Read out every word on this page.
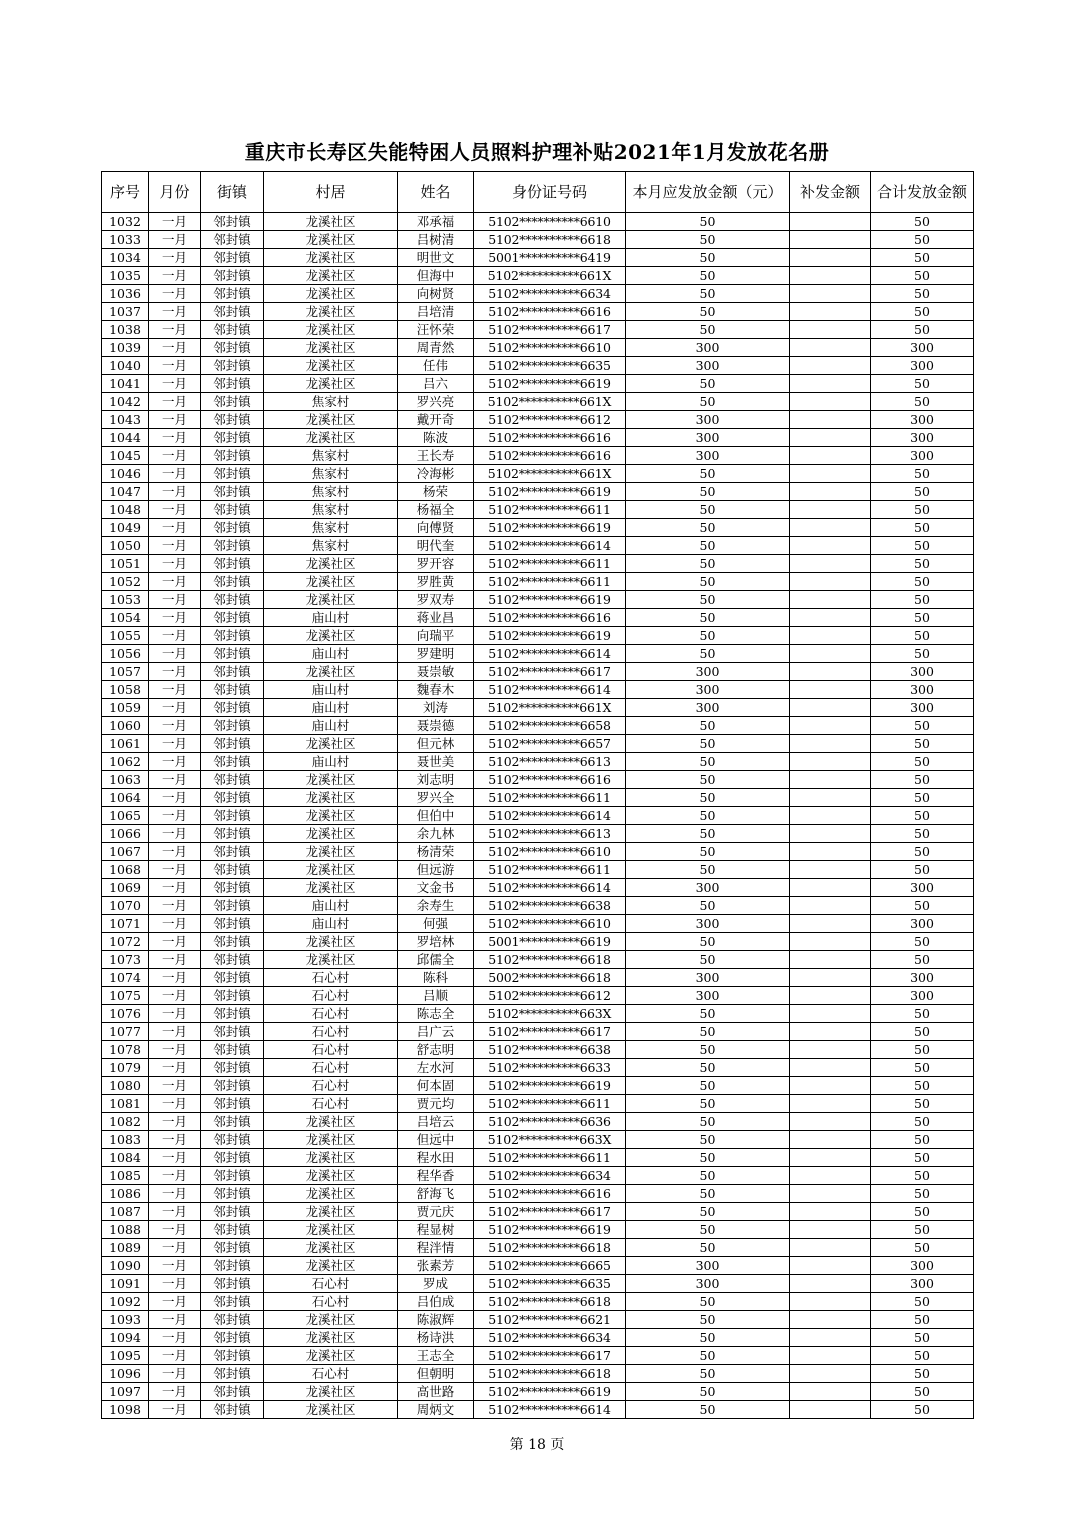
重庆市长寿区失能特困人员照料护理补贴2021年1月发放花名册
序号	月份	街镇	村居	姓名	身份证号码	本月应发放金额（元）	补发金额	合计发放金额
1032	一月	邻封镇	龙溪社区	邓承福	5102**********6610	50		50
1033	一月	邻封镇	龙溪社区	吕树清	5102**********6618	50		50
1034	一月	邻封镇	龙溪社区	明世文	5001**********6419	50		50
1035	一月	邻封镇	龙溪社区	但海中	5102**********661X	50		50
1036	一月	邻封镇	龙溪社区	向树贤	5102**********6634	50		50
1037	一月	邻封镇	龙溪社区	吕培清	5102**********6616	50		50
1038	一月	邻封镇	龙溪社区	汪怀荣	5102**********6617	50		50
1039	一月	邻封镇	龙溪社区	周青然	5102**********6610	300		300
1040	一月	邻封镇	龙溪社区	任伟	5102**********6635	300		300
1041	一月	邻封镇	龙溪社区	吕六	5102**********6619	50		50
1042	一月	邻封镇	焦家村	罗兴亮	5102**********661X	50		50
1043	一月	邻封镇	龙溪社区	戴开奇	5102**********6612	300		300
1044	一月	邻封镇	龙溪社区	陈波	5102**********6616	300		300
1045	一月	邻封镇	焦家村	王长寿	5102**********6616	300		300
1046	一月	邻封镇	焦家村	冷海彬	5102**********661X	50		50
1047	一月	邻封镇	焦家村	杨荣	5102**********6619	50		50
1048	一月	邻封镇	焦家村	杨福全	5102**********6611	50		50
1049	一月	邻封镇	焦家村	向傅贤	5102**********6619	50		50
1050	一月	邻封镇	焦家村	明代奎	5102**********6614	50		50
1051	一月	邻封镇	龙溪社区	罗开容	5102**********6611	50		50
1052	一月	邻封镇	龙溪社区	罗胜黄	5102**********6611	50		50
1053	一月	邻封镇	龙溪社区	罗双寿	5102**********6619	50		50
1054	一月	邻封镇	庙山村	蒋业昌	5102**********6616	50		50
1055	一月	邻封镇	龙溪社区	向瑞平	5102**********6619	50		50
1056	一月	邻封镇	庙山村	罗建明	5102**********6614	50		50
1057	一月	邻封镇	龙溪社区	聂崇敏	5102**********6617	300		300
1058	一月	邻封镇	庙山村	魏春木	5102**********6614	300		300
1059	一月	邻封镇	庙山村	刘涛	5102**********661X	300		300
1060	一月	邻封镇	庙山村	聂崇德	5102**********6658	50		50
1061	一月	邻封镇	龙溪社区	但元林	5102**********6657	50		50
1062	一月	邻封镇	庙山村	聂世美	5102**********6613	50		50
1063	一月	邻封镇	龙溪社区	刘志明	5102**********6616	50		50
1064	一月	邻封镇	龙溪社区	罗兴全	5102**********6611	50		50
1065	一月	邻封镇	龙溪社区	但伯中	5102**********6614	50		50
1066	一月	邻封镇	龙溪社区	余九林	5102**********6613	50		50
1067	一月	邻封镇	龙溪社区	杨清荣	5102**********6610	50		50
1068	一月	邻封镇	龙溪社区	但远游	5102**********6611	50		50
1069	一月	邻封镇	龙溪社区	文金书	5102**********6614	300		300
1070	一月	邻封镇	庙山村	余寿生	5102**********6638	50		50
1071	一月	邻封镇	庙山村	何强	5102**********6610	300		300
1072	一月	邻封镇	龙溪社区	罗培林	5001**********6619	50		50
1073	一月	邻封镇	龙溪社区	邱儒全	5102**********6618	50		50
1074	一月	邻封镇	石心村	陈科	5002**********6618	300		300
1075	一月	邻封镇	石心村	吕顺	5102**********6612	300		300
1076	一月	邻封镇	石心村	陈志全	5102**********663X	50		50
1077	一月	邻封镇	石心村	吕广云	5102**********6617	50		50
1078	一月	邻封镇	石心村	舒志明	5102**********6638	50		50
1079	一月	邻封镇	石心村	左水河	5102**********6633	50		50
1080	一月	邻封镇	石心村	何本固	5102**********6619	50		50
1081	一月	邻封镇	石心村	贾元均	5102**********6611	50		50
1082	一月	邻封镇	龙溪社区	吕培云	5102**********6636	50		50
1083	一月	邻封镇	龙溪社区	但远中	5102**********663X	50		50
1084	一月	邻封镇	龙溪社区	程水田	5102**********6611	50		50
1085	一月	邻封镇	龙溪社区	程华香	5102**********6634	50		50
1086	一月	邻封镇	龙溪社区	舒海飞	5102**********6616	50		50
1087	一月	邻封镇	龙溪社区	贾元庆	5102**********6617	50		50
1088	一月	邻封镇	龙溪社区	程显树	5102**********6619	50		50
1089	一月	邻封镇	龙溪社区	程泮情	5102**********6618	50		50
1090	一月	邻封镇	龙溪社区	张素芳	5102**********6665	300		300
1091	一月	邻封镇	石心村	罗成	5102**********6635	300		300
1092	一月	邻封镇	石心村	吕伯成	5102**********6618	50		50
1093	一月	邻封镇	龙溪社区	陈淑辉	5102**********6621	50		50
1094	一月	邻封镇	龙溪社区	杨诗洪	5102**********6634	50		50
1095	一月	邻封镇	龙溪社区	王志全	5102**********6617	50		50
1096	一月	邻封镇	石心村	但朝明	5102**********6618	50		50
1097	一月	邻封镇	龙溪社区	高世路	5102**********6619	50		50
1098	一月	邻封镇	龙溪社区	周炳文	5102**********6614	50		50
第 18 页
